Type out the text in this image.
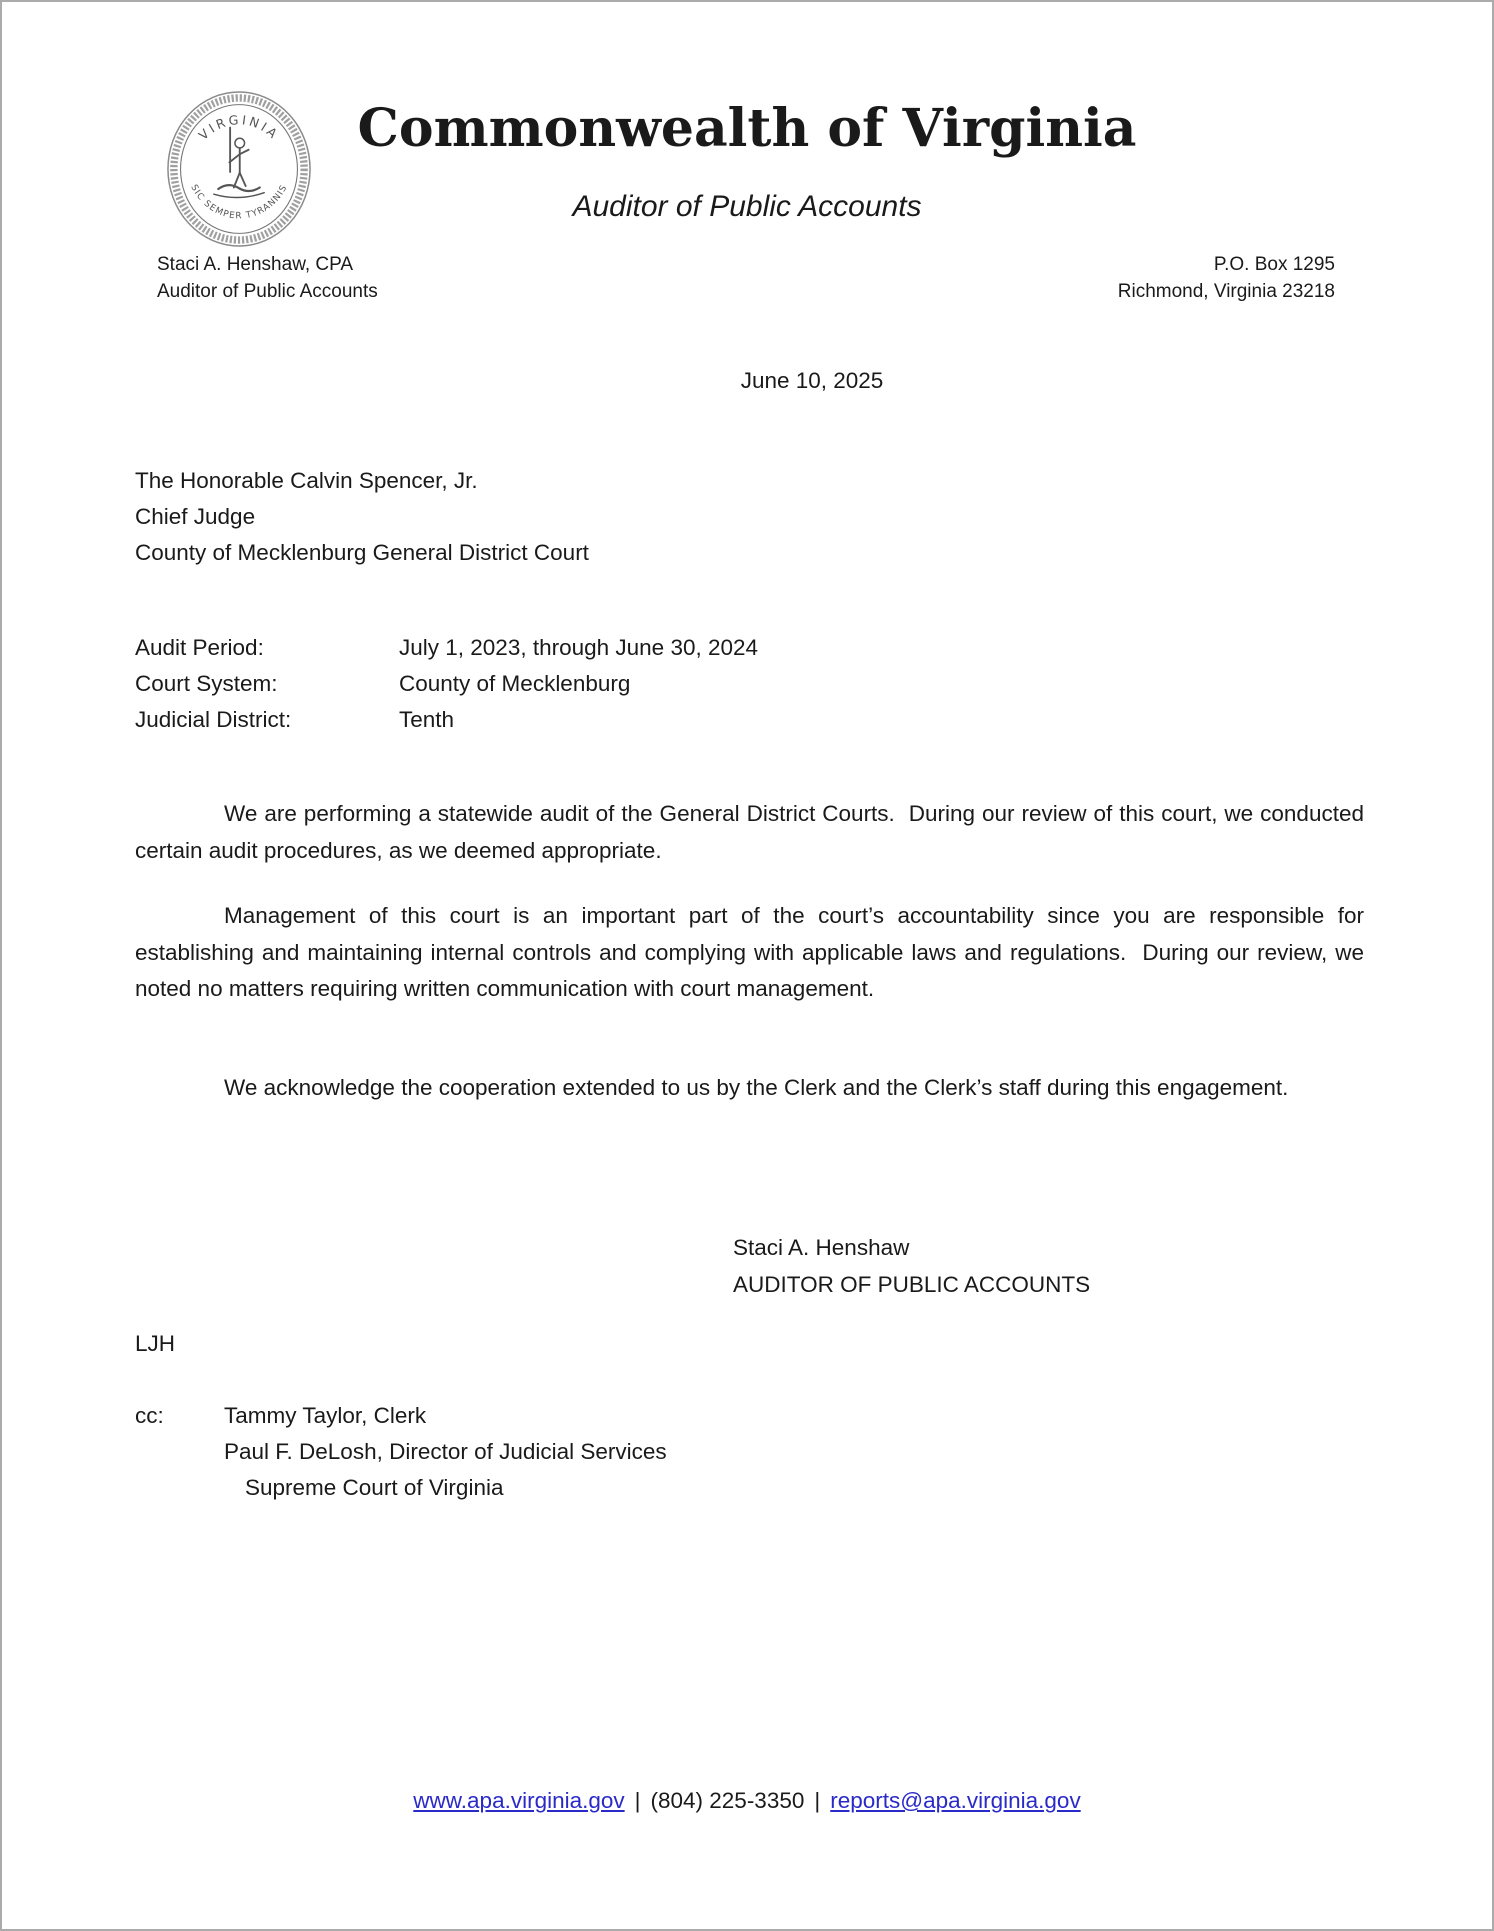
VIRGINIA
SIC SEMPER TYRANNIS
Commonwealth of Virginia
Auditor of Public Accounts
Staci A. Henshaw, CPA
Auditor of Public Accounts
P.O. Box 1295
Richmond, Virginia 23218
June 10, 2025
The Honorable Calvin Spencer, Jr.
Chief Judge
County of Mecklenburg General District Court
Audit Period:	July 1, 2023, through June 30, 2024
Court System:	County of Mecklenburg
Judicial District:	Tenth
We are performing a statewide audit of the General District Courts.  During our review of this court, we conducted certain audit procedures, as we deemed appropriate.
Management of this court is an important part of the court’s accountability since you are responsible for establishing and maintaining internal controls and complying with applicable laws and regulations.  During our review, we noted no matters requiring written communication with court management.
We acknowledge the cooperation extended to us by the Clerk and the Clerk’s staff during this engagement.
Staci A. Henshaw
AUDITOR OF PUBLIC ACCOUNTS
LJH
cc:	Tammy Taylor, Clerk
Paul F. DeLosh, Director of Judicial Services
Supreme Court of Virginia
www.apa.virginia.gov | (804) 225-3350 | reports@apa.virginia.gov
